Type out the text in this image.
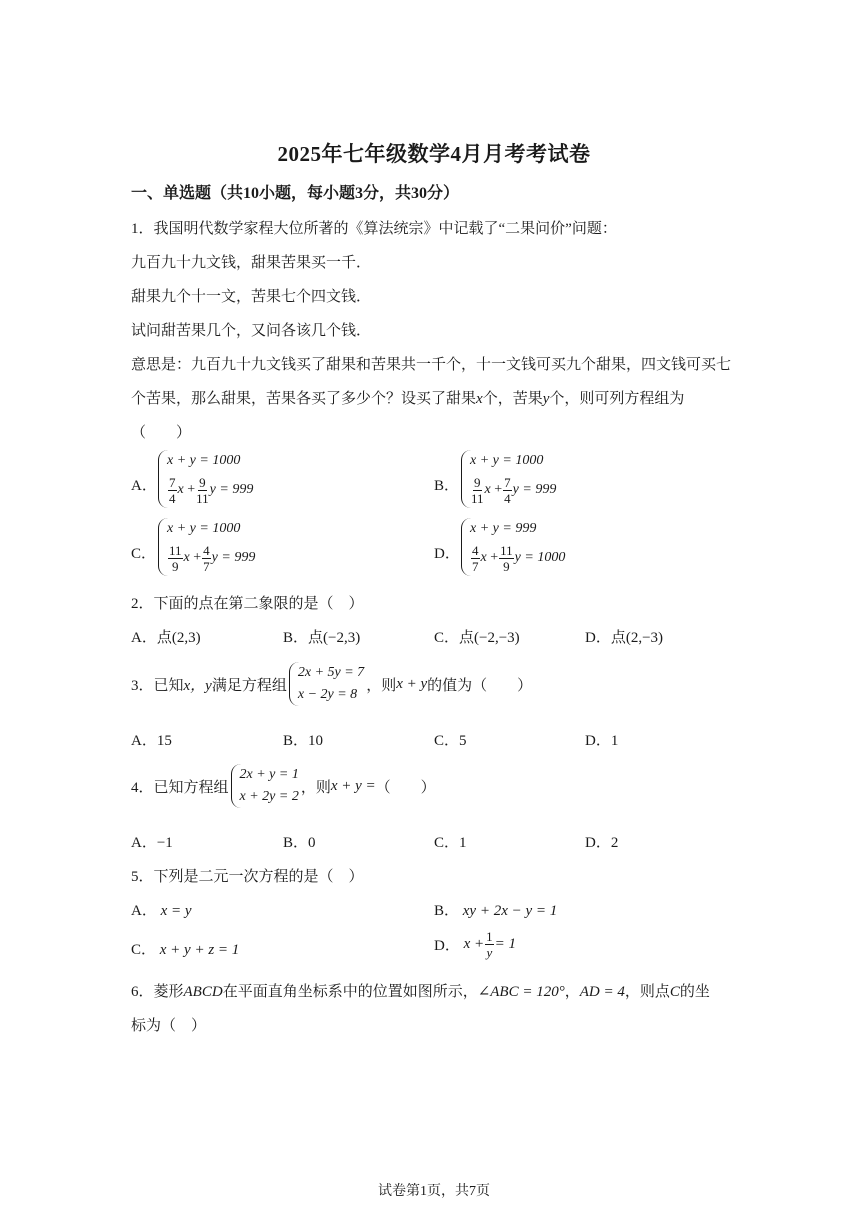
2025年七年级数学4月月考考试卷
一、单选题（共10小题，每小题3分，共30分）
1．我国明代数学家程大位所著的《算法统宗》中记载了“二果问价”问题：
九百九十九文钱，甜果苦果买一千．
甜果九个十一文，苦果七个四文钱．
试问甜苦果几个，又问各该几个钱．
意思是：九百九十九文钱买了甜果和苦果共一千个，十一文钱可买九个甜果，四文钱可买七
个苦果，那么甜果，苦果各买了多少个？设买了甜果x个，苦果y个，则可列方程组为
（　　）
A．
x + y = 1000
$\frac{7}{4}$ $x + \frac{9}{11}$ y = 999	B．
x + y = 1000
$\frac{9}{11}$ $x + \frac{7}{4}$ y = 999
C．
x + y = 1000
$\frac{11}{9}$ $x + \frac{4}{7}$ y = 999	D．
x + y = 999
$\frac{4}{7}$ $x + \frac{11}{9}$ y = 1000
2．下面的点在第二象限的是（　）
A．点(2,3)	B．点(−2,3)	C．点(−2,−3)	D．点(2,−3)
3．已知 x，y 满足方程组
2x + 5y = 7
x − 2y = 8
，则 x + y 的值为（　　）
A．15	B．10	C．5	D．1
4．已知方程组
2x + y = 1
x + 2y = 2
，则 x + y = （　　）
A．−1	B．0	C．1	D．2
5．下列是二元一次方程的是（　）
A． x = y	B． xy + 2x − y = 1
C． x + y + z = 1	D．
$x + \frac{1}{y} = 1$
6．菱形ABCD在平面直角坐标系中的位置如图所示，∠ABC = 120°，AD = 4，则点C的坐
标为（　）
试卷第1页，共7页
